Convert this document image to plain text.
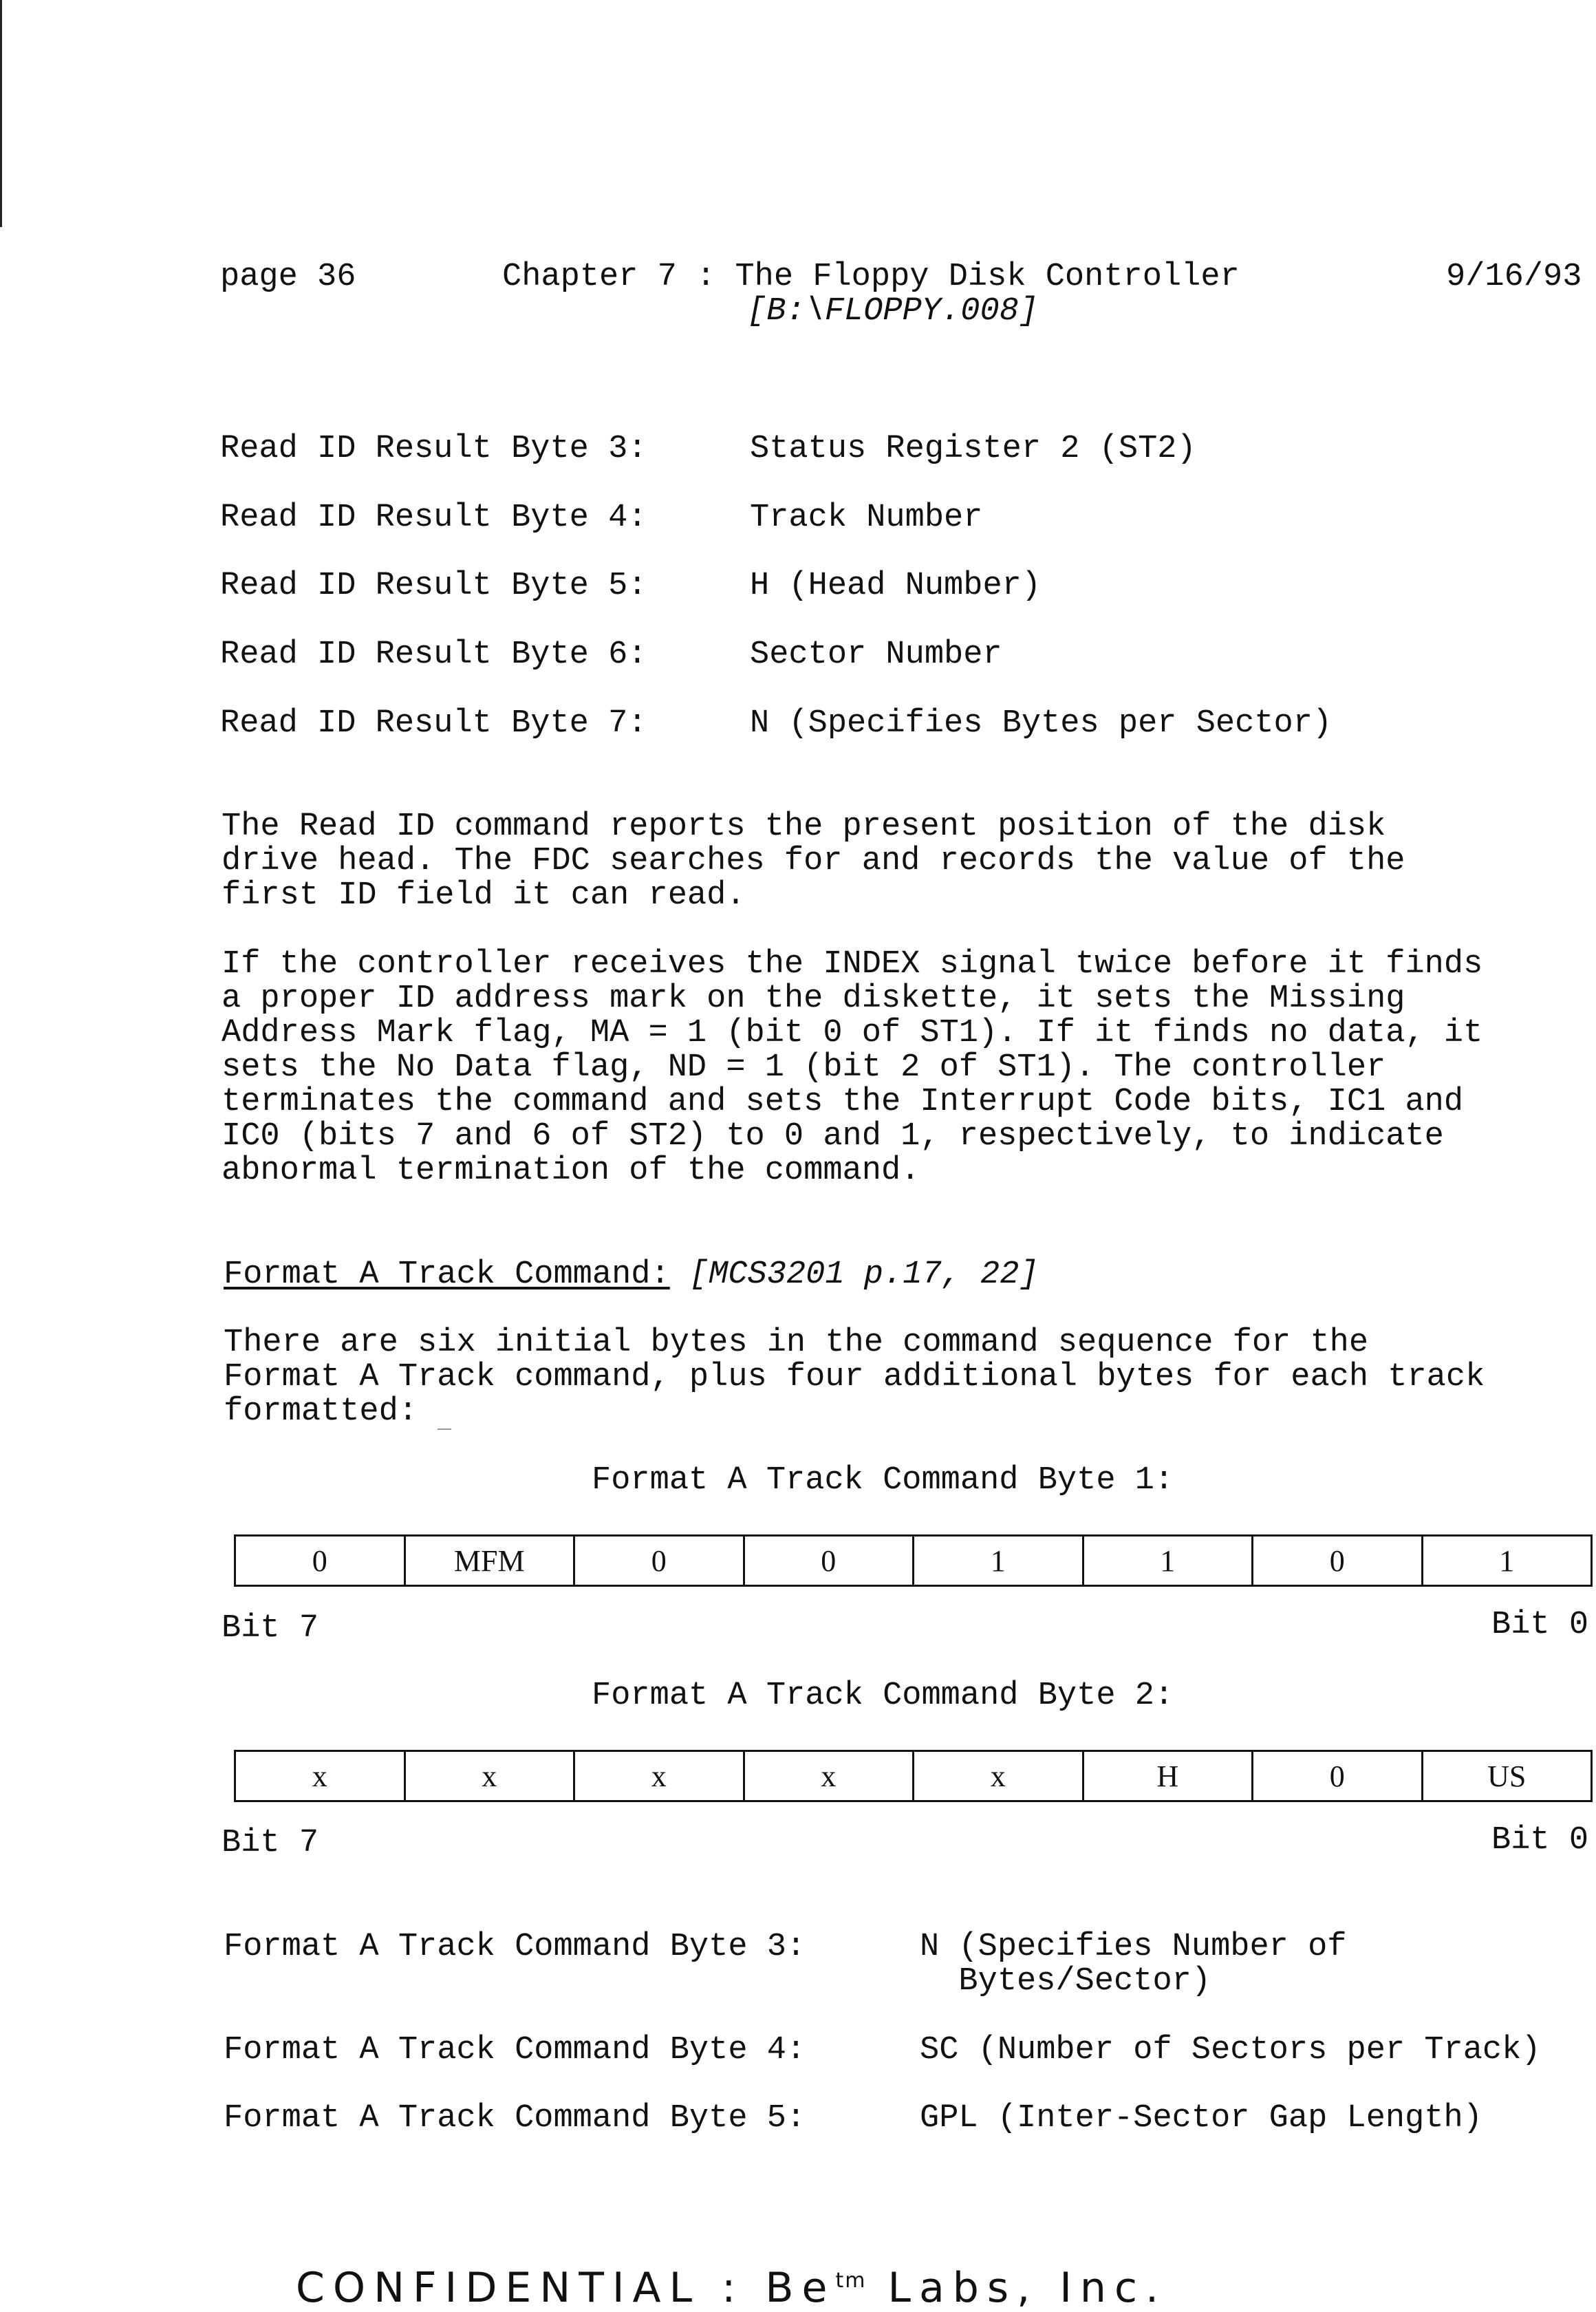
page 36	Chapter 7 : The Floppy Disk Controller
[B:\FLOPPY.008]
9/16/93

Read ID Result Byte 3:

	Status Register 2 (ST2)

Read ID Result Byte 4:

	Track Number

Read ID Result Byte 5:

	H (Head Number)

Read ID Result Byte 6:

	Sector Number

Read ID Result Byte 7:

	N (Specifies Bytes per Sector)

The Read ID command reports the present position of the disk
drive head. The FDC searches for and records the value of the
first ID field it can read.
If the controller receives the INDEX signal twice before it finds
a proper ID address mark on the diskette, it sets the Missing
Address Mark flag, MA = 1 (bit 0 of ST1). If it finds no data, it
sets the No Data flag, ND = 1 (bit 2 of ST1). The controller
terminates the command and sets the Interrupt Code bits, IC1 and
IC0 (bits 7 and 6 of ST2) to 0 and 1, respectively, to indicate
abnormal termination of the command.
Format A Track Command: [MCS3201 p.17, 22]
There are six initial bytes in the command sequence for the
Format A Track command, plus four additional bytes for each track
formatted:
Format A Track Command Byte 1:
0	MFM	0	0	1	1	0	1
Bit 7	Bit 0
Format A Track Command Byte 2:
x	x	x	x	x	H	0	US
Bit 7	Bit 0

Format A Track Command Byte 3:

	N (Specifies Number of
Bytes/Sector)

Format A Track Command Byte 4:

	SC (Number of Sectors per Track)

Format A Track Command Byte 5:

	GPL (Inter-Sector Gap Length)

CONFIDENTIAL : $Be^{tm}$ Labs, Inc.
